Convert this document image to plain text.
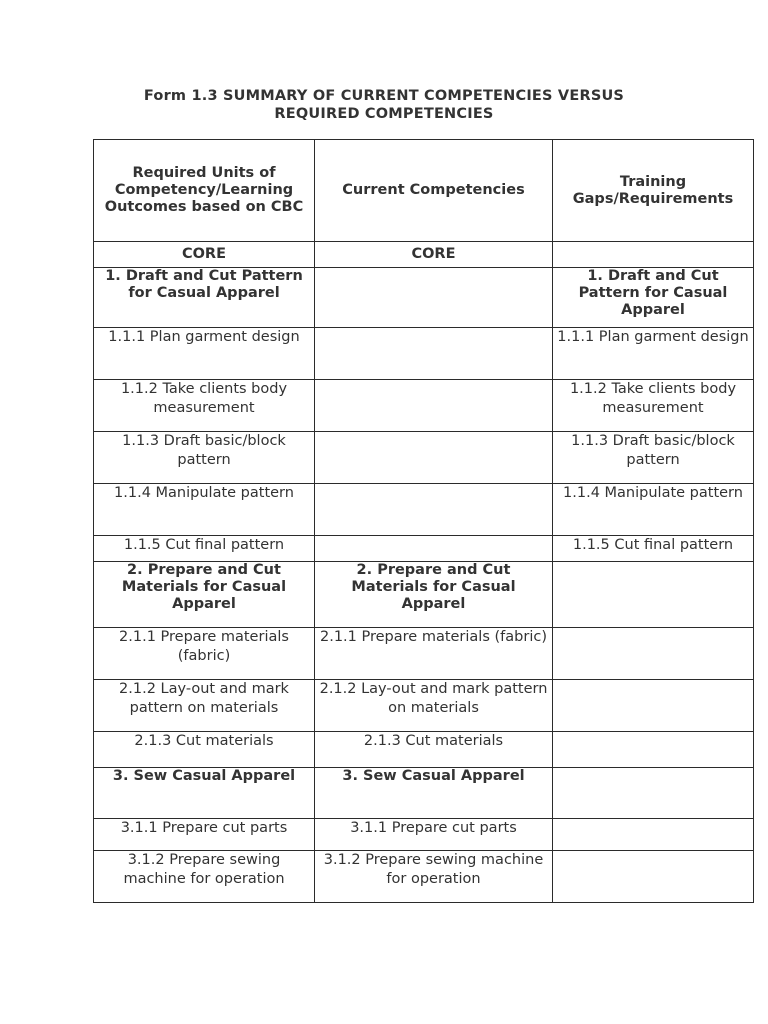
Form 1.3 SUMMARY OF CURRENT COMPETENCIES VERSUS
REQUIRED COMPETENCIES
Required Units of Competency/Learning Outcomes based on CBC	Current Competencies	Training Gaps/Requirements
CORE	CORE	
1. Draft and Cut Pattern for Casual Apparel		1. Draft and Cut Pattern for Casual Apparel
1.1.1 Plan garment design		1.1.1 Plan garment design
1.1.2 Take clients body measurement		1.1.2 Take clients body measurement
1.1.3 Draft basic/block pattern		1.1.3 Draft basic/block pattern
1.1.4 Manipulate pattern		1.1.4 Manipulate pattern
1.1.5 Cut final pattern		1.1.5 Cut final pattern
2. Prepare and Cut Materials for Casual Apparel	2. Prepare and Cut Materials for Casual Apparel	
2.1.1 Prepare materials (fabric)	2.1.1 Prepare materials (fabric)	
2.1.2 Lay-out and mark pattern on materials	2.1.2 Lay-out and mark pattern on materials	
2.1.3 Cut materials	2.1.3 Cut materials	
3. Sew Casual Apparel	3. Sew Casual Apparel	
3.1.1 Prepare cut parts	3.1.1 Prepare cut parts	
3.1.2 Prepare sewing machine for operation	3.1.2 Prepare sewing machine for operation	
